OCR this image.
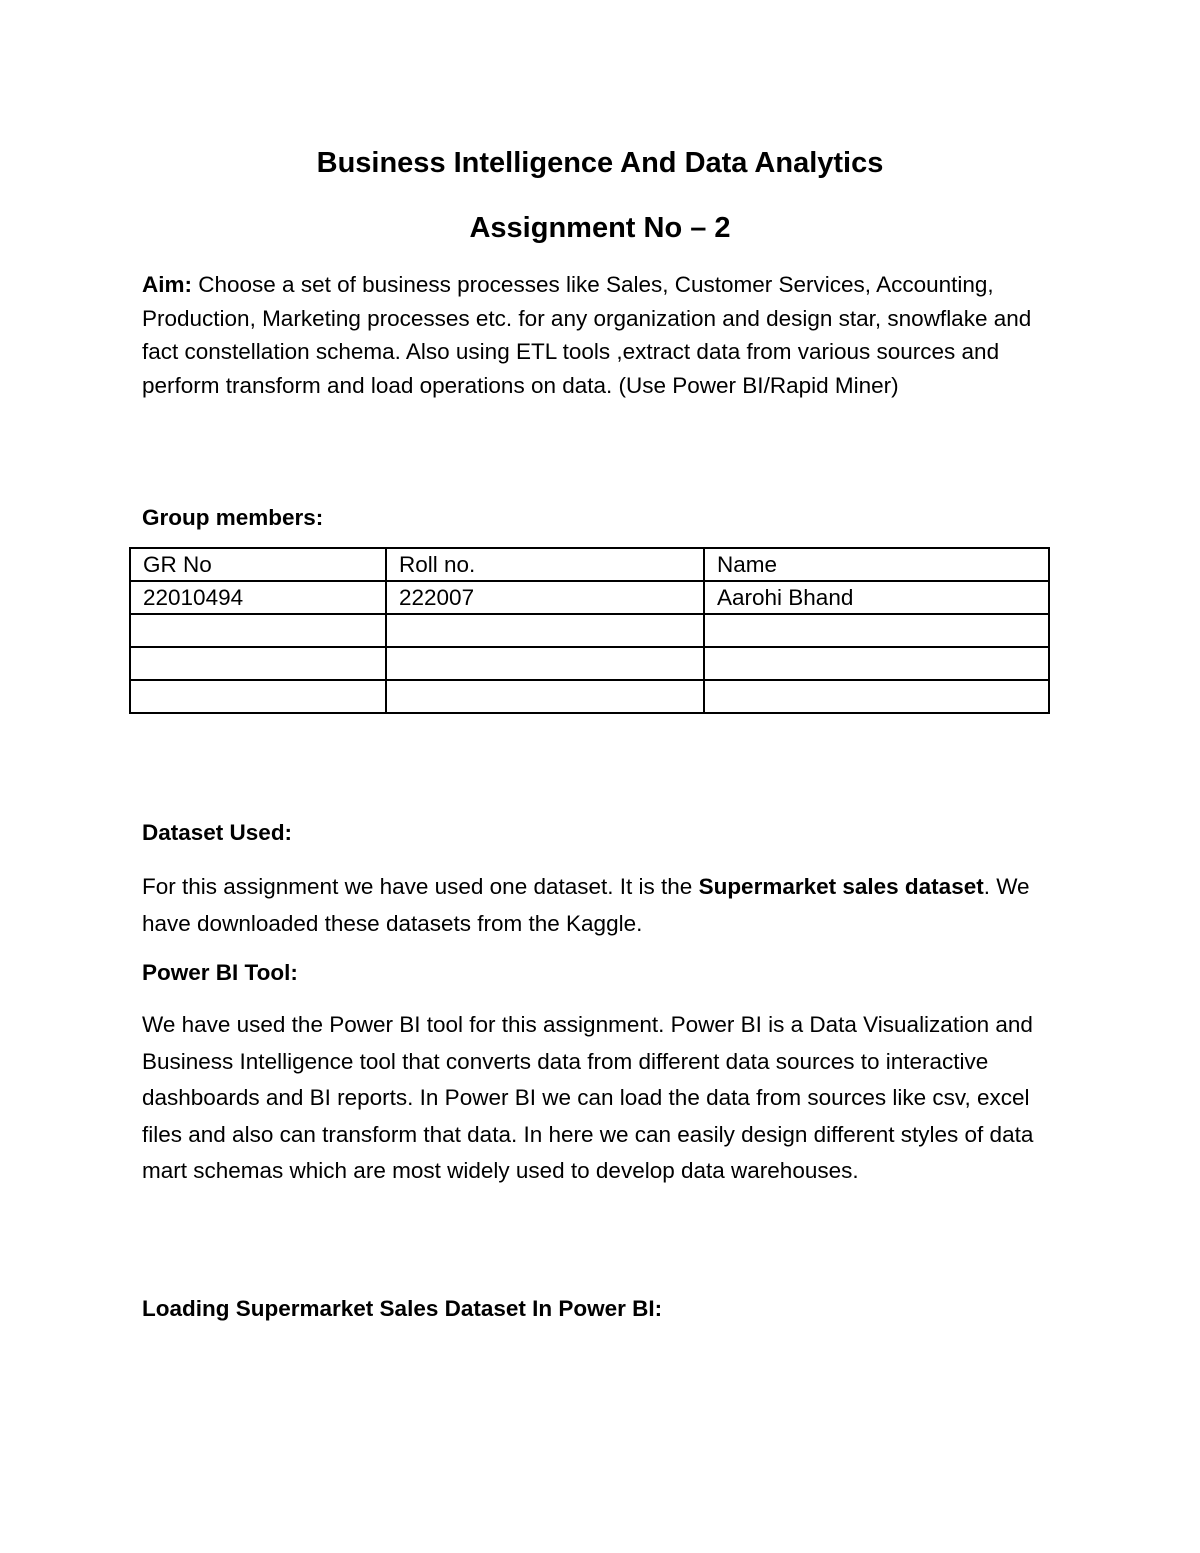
Business Intelligence And Data Analytics
Assignment No – 2

Aim: Choose a set of business processes like Sales, Customer Services, Accounting, Production, Marketing processes etc. for any organization and design star, snowflake and fact constellation schema. Also using ETL tools ,extract data from various sources and perform transform and load operations on data. (Use Power BI/Rapid Miner)

Group members:
GR No	Roll no.	Name
22010494	222007	Aarohi Bhand

Dataset Used:

For this assignment we have used one dataset. It is the Supermarket sales dataset. We have downloaded these datasets from the Kaggle.

Power BI Tool:

We have used the Power BI tool for this assignment. Power BI is a Data Visualization and Business Intelligence tool that converts data from different data sources to interactive dashboards and BI reports. In Power BI we can load the data from sources like csv, excel files and also can transform that data. In here we can easily design different styles of data mart schemas which are most widely used to develop data warehouses.

Loading Supermarket Sales Dataset In Power BI:
